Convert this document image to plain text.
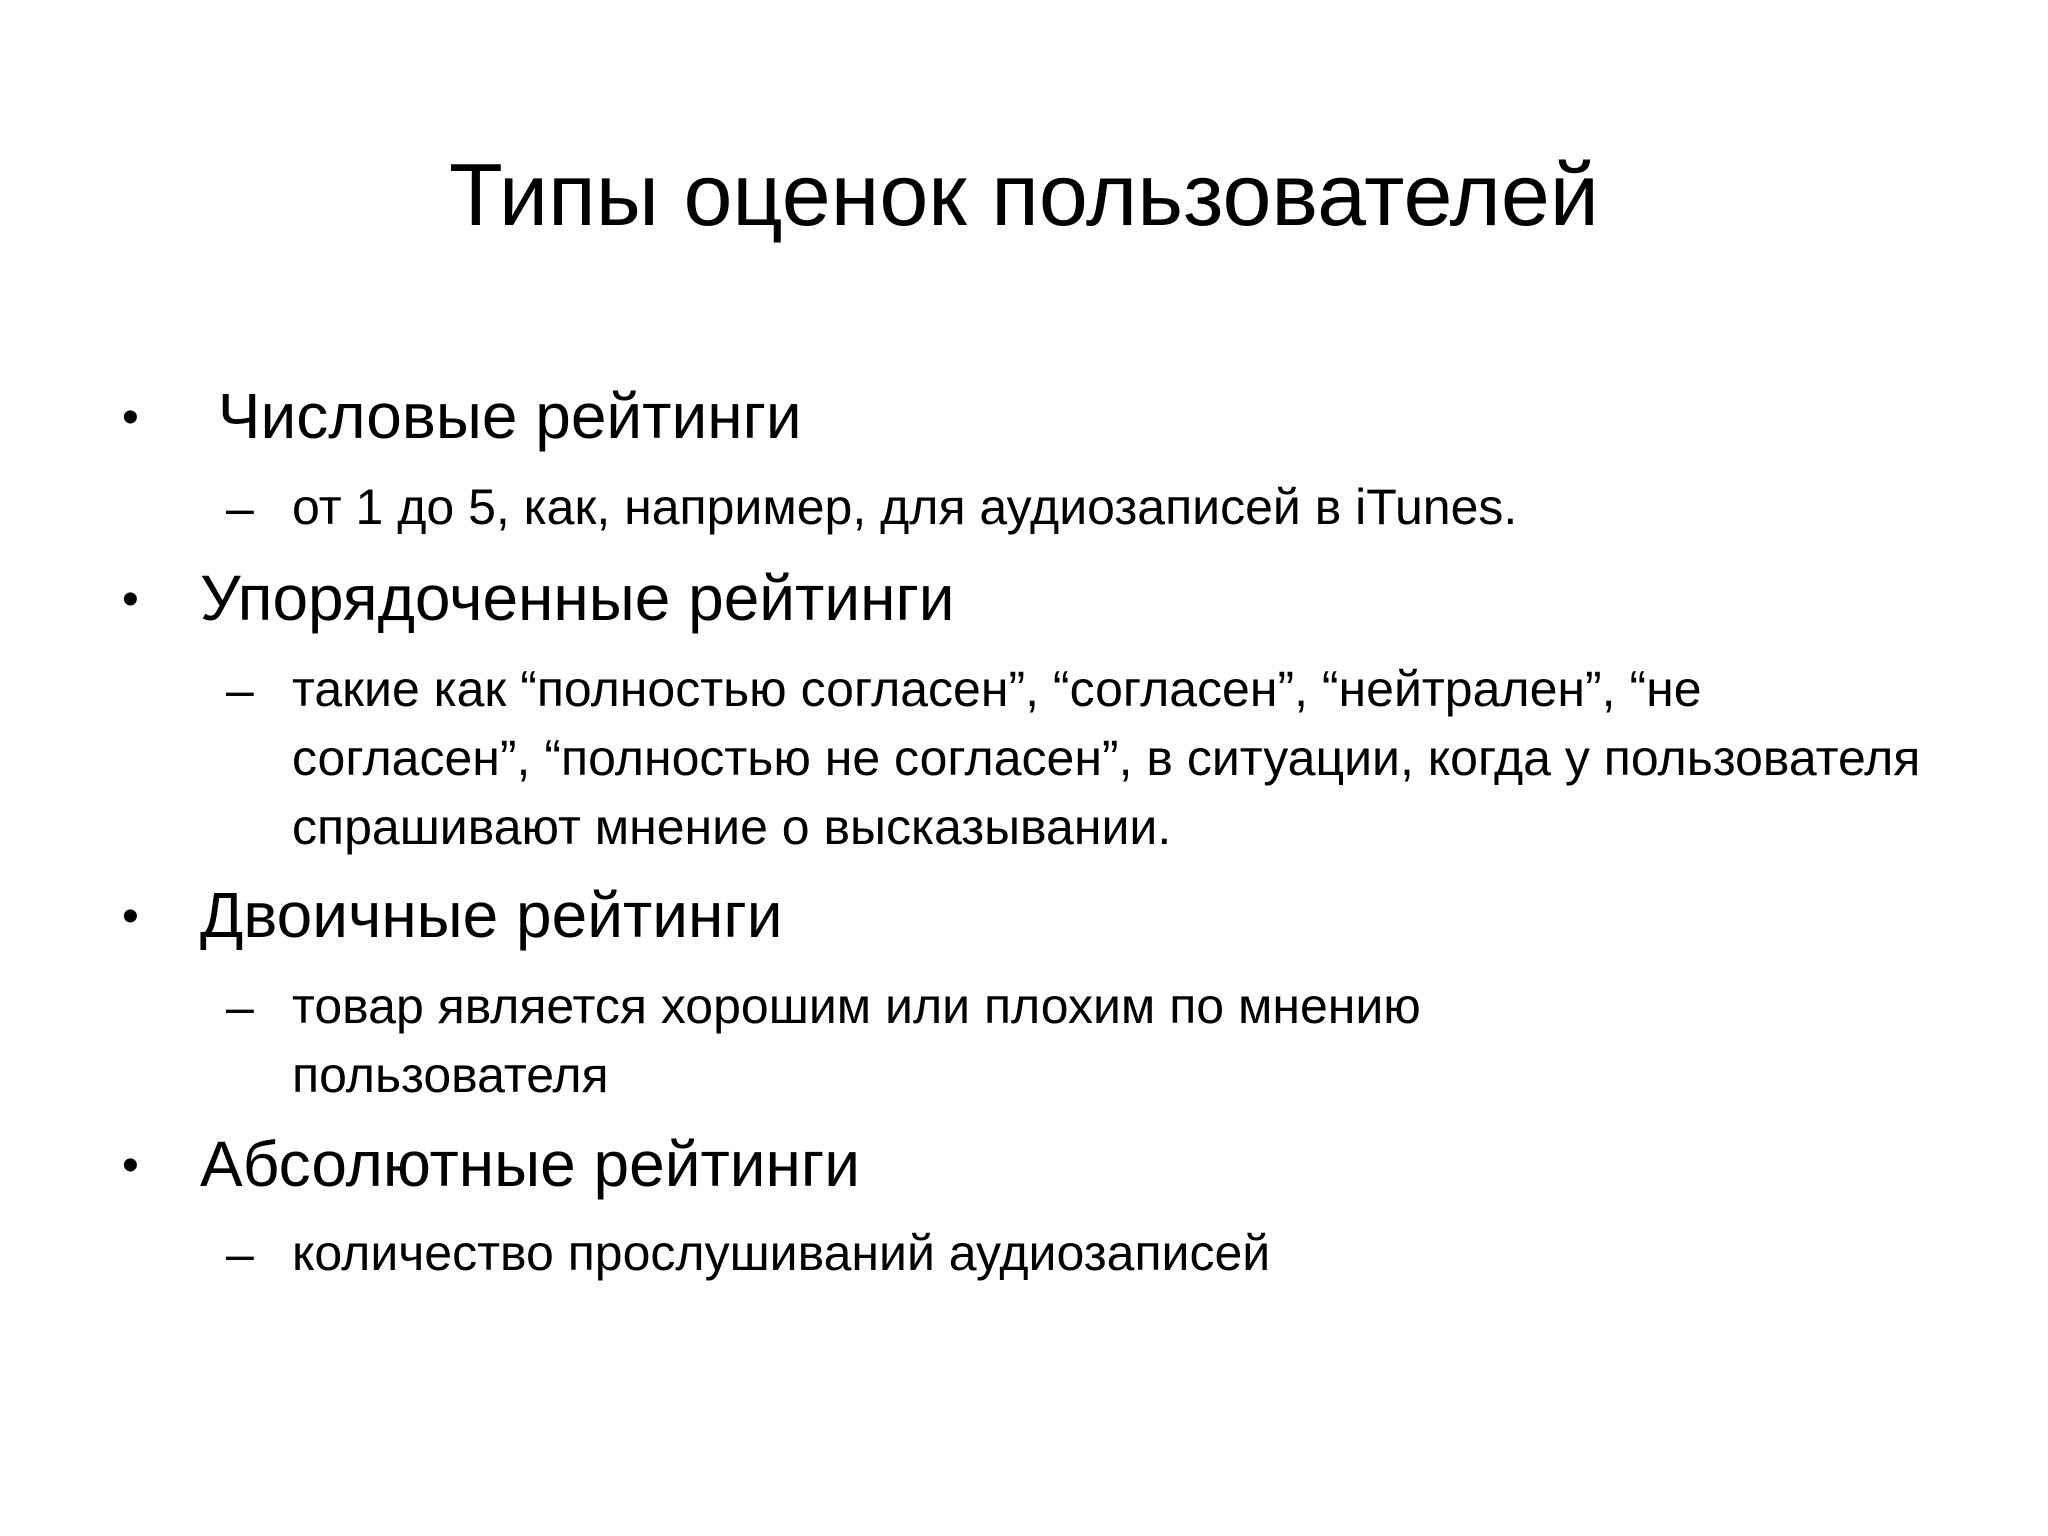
Типы оценок пользователей
• Числовые рейтинги
– от 1 до 5, как, например, для аудиозаписей в iTunes.
• Упорядоченные рейтинги
– такие как “полностью согласен”, “согласен”, “нейтрален”, “не согласен”, “полностью не согласен”, в ситуации, когда у пользователя спрашивают мнение о высказывании.
• Двоичные рейтинги
– товар является хорошим или плохим по мнению пользователя
• Абсолютные рейтинги
– количество прослушиваний аудиозаписей
